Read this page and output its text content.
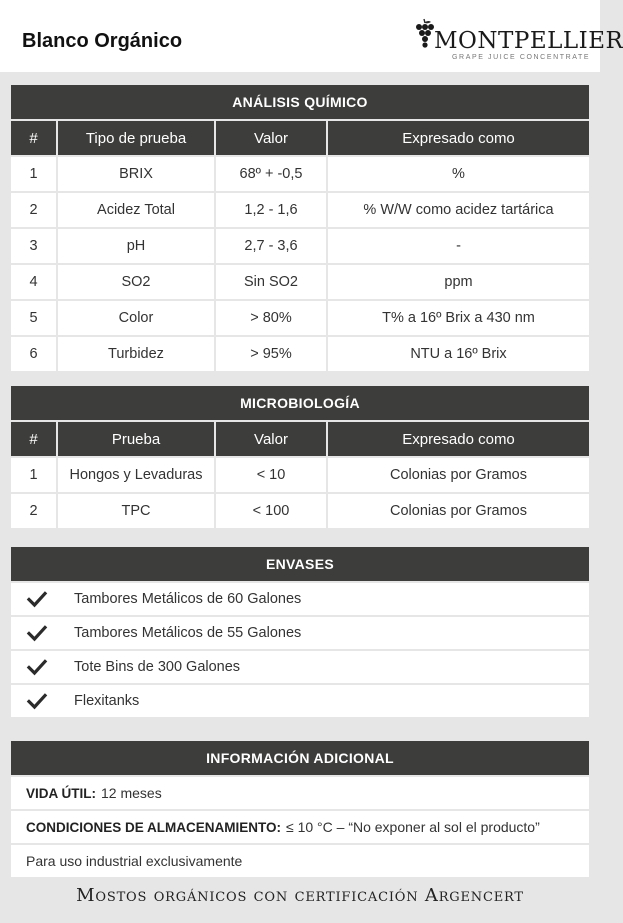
Blanco Orgánico	MONTPELLIER
GRAPE JUICE CONCENTRATE
ANÁLISIS QUÍMICO
#	Tipo de prueba	Valor	Expresado como
1	BRIX	68º + -0,5	%
2	Acidez Total	1,2 - 1,6	% W/W como acidez tartárica
3	pH	2,7 - 3,6	-
4	SO2	Sin SO2	ppm
5	Color	> 80%	T% a 16º Brix a 430 nm
6	Turbidez	> 95%	NTU a 16º Brix
MICROBIOLOGÍA
#	Prueba	Valor	Expresado como
1	Hongos y Levaduras	< 10	Colonias por Gramos
2	TPC	< 100	Colonias por Gramos
ENVASES
Tambores Metálicos de 60 Galones
Tambores Metálicos de 55 Galones
Tote Bins de 300 Galones
Flexitanks
INFORMACIÓN ADICIONAL
VIDA ÚTIL: 12 meses
CONDICIONES DE ALMACENAMIENTO: ≤ 10 °C – “No exponer al sol el producto”
Para uso industrial exclusivamente
Mostos orgánicos con certificación Argencert
